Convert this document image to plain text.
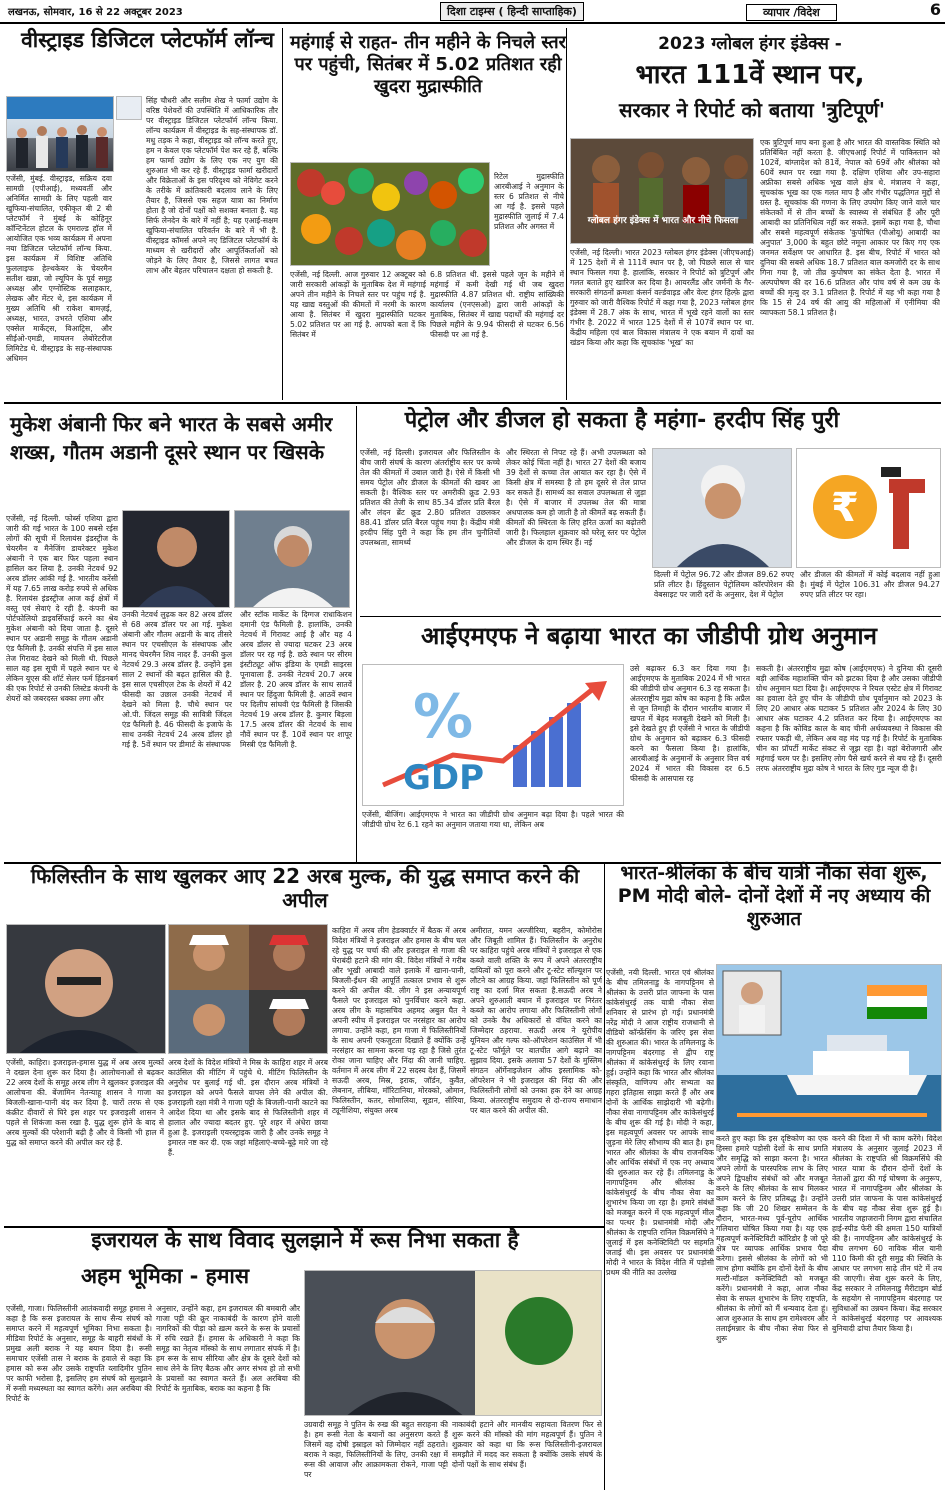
लखनऊ, सोमवार, 16 से 22 अक्टूबर 2023	दिशा टाइम्स ( हिन्दी साप्ताहिक)	व्यापार /विदेश	6
वीस्ट्राइड डिजिटल प्लेटफॉर्म लॉन्च
एजेंसी, मुंबई. वीस्ट्राइड, सक्रिय दवा सामग्री (एपीआई), मध्यवर्ती और अनिर्मित सामग्री के लिए पहली वार खुफिया-संचालित, एकीकृत बी 2 बी प्लेटफॉर्म ने मुंबई के कोहिनूर कॉन्टिनेंटल होटल के एमराल्ड हॉल में आयोजित एक भव्य कार्यक्रम में अपना नया डिजिटल प्लेटफॉर्म लॉन्च किया. इस कार्यक्रम में विशिष्ट अतिथि फुललाइफ हेल्थकेयर के चेयरमैन सतीश खन्ना, जो ल्यूपिन के पूर्व समूह अध्यक्ष और एग्नोस्टिक सलाहकार, लेखक और मेंटर थे, इस कार्यक्रम में मुख्य अतिथि श्री राकेश बामज़ई, अध्यक्ष, भारत, उभरते एशिया और एक्सेल मार्केट्स, विआट्रिस, और सीईओ-एमडी, मायलन लेबोरेटरीज लिमिटेड थे. वीस्ट्राइड के सह-संस्थापक अधिमन
सिंह चौधरी और सलीम शेख ने फार्मा उद्योग के वरिष्ठ पेशेवरों की उपस्थिति में आधिकारिक तौर पर वीस्ट्राइड डिजिटल प्लेटफॉर्म लॉन्च किया. लॉन्च कार्यक्रम में वीस्ट्राइड के सह-संस्थापक डॉ. मधु तड़क ने कहा, वीस्ट्राइड को लॉन्च करते हुए, हम न केवल एक प्लेटफॉर्म पेश कर रहे हैं, बल्कि हम फार्मा उद्योग के लिए एक नए युग की शुरुआत भी कर रहे हैं. वीस्ट्राइड फार्मा खरीदारों और विक्रेताओं के इस परिदृश्य को नेविगेट करने के तरीके में क्रांतिकारी बदलाव लाने के लिए तैयार है, जिससे एक सहज यात्रा का निर्माण होता है जो दोनों पक्षों को सशक्त बनाता है. यह सिर्फ लेनदेन के बारे में नहीं है; यह एआई-सक्षम खुफिया-संचालित परिवर्तन के बारे में भी है. वीस्ट्राइड कॉमर्स अपने नए डिजिटल प्लेटफॉर्म के माध्यम से खरीदारों और आपूर्तिकर्ताओं को जोड़ने के लिए तैयार है, जिससे लागत बचत लाभ और बेहतर परिचालन दक्षता हो सकती है.
महंगाई से राहत- तीन महीने के निचले स्तर पर पहुंची, सितंबर में 5.02 प्रतिशत रही खुदरा मुद्रास्फीति
रिटेल मुद्रास्फीति आरबीआई ने अनुमान के स्तर 6 प्रतिशत से नीचे आ गई है. इससे पहले मुद्रास्फीति जुलाई में 7.4 प्रतिशत और अगस्त में
एजेंसी, नई दिल्ली. आज गुरुवार 12 अक्टूबर को जारी सरकारी आंकड़ों के मुताबिक देश में महंगाई अपने तीन महीने के निचले स्तर पर पहुंच गई है. यह खाद्य वस्तुओं की कीमतों में नरमी के कारण आया है. सितंबर में खुदरा मुद्रास्फीति घटकर 5.02 प्रतिशत पर आ गई है. आपको बता दें कि सितंबर में
6.8 प्रतिशत थी. इससे पहले जून के महीने में महंगाई में कमी देखी गई थी जब खुदरा मुद्रास्फीति 4.87 प्रतिशत थी. राष्ट्रीय सांख्यिकी कार्यालय (एनएसओ) द्वारा जारी आंकड़ों के मुताबिक, सितंबर में खाद्य पदार्थों की महंगाई दर पिछले महीने के 9.94 फीसदी से घटकर 6.56 फीसदी पर आ गई है.
2023 ग्लोबल हंगर इंडेक्स -
भारत 111वें स्थान पर,
सरकार ने रिपोर्ट को बताया 'त्रुटिपूर्ण'
ग्लोबल हंगर इंडेक्स में भारत और नीचे फिसला
एजेंसी, नई दिल्ली। भारत 2023 ग्लोबल हंगर इंडेक्स (जीएचआई) में 125 देशों में से 111वें स्थान पर है, जो पिछले साल से चार स्थान फिसल गया है. हालांकि, सरकार ने रिपोर्ट को त्रुटिपूर्ण और गलत बताते हुए खारिज कर दिया है। आयरलैंड और जर्मनी के गैर-सरकारी संगठनों क्रमशः कंसर्न वर्ल्डवाइड और वेल्ट हंगर हिल्फ़े द्वारा गुरुवार को जारी वैश्विक रिपोर्ट में कहा गया है, 2023 ग्लोबल हंगर इंडेक्स में 28.7 अंक के साथ, भारत में भूखे रहने वालों का स्तर गंभीर है. 2022 में भारत 125 देशों में से 107वें स्थान पर था. केंद्रीय महिला एवं बाल विकास मंत्रालय ने एक बयान में दावों का खंडन किया और कहा कि सूचकांक 'भूख' का
एक त्रुटिपूर्ण माप बना हुआ है और भारत की वास्तविक स्थिति को प्रतिबिंबित नहीं करता है. जीएचआई रिपोर्ट में पाकिस्तान को 102वें, बांग्लादेश को 81वें, नेपाल को 69वें और श्रीलंका को 60वें स्थान पर रखा गया है. दक्षिण एशिया और उप-सहारा अफ्रीका सबसे अधिक भूख वाले क्षेत्र थे. मंत्रालय ने कहा, सूचकांक भूख का एक गलत माप है और गंभीर पद्धतिगत मुद्दों से ग्रस्त है. सूचकांक की गणना के लिए उपयोग किए जाने वाले चार संकेतकों में से तीन बच्चों के स्वास्थ्य से संबंधित हैं और पूरी आबादी का प्रतिनिधित्व नहीं कर सकते. इसमें कहा गया है, चौथा और सबसे महत्वपूर्ण संकेतक 'कुपोषित (पीओयू) आबादी का अनुपात' 3,000 के बहुत छोटे नमूना आकार पर किए गए एक जनमत सर्वेक्षण पर आधारित है. इस बीच, रिपोर्ट में भारत को दुनिया की सबसे अधिक 18.7 प्रतिशत बाल कमजोरी दर के साथ गिना गया है, जो तीव्र कुपोषण का संकेत देता है. भारत में अल्पपोषण की दर 16.6 प्रतिशत और पांच वर्ष से कम उम्र के बच्चों की मृत्यु दर 3.1 प्रतिशत है. रिपोर्ट में यह भी कहा गया है कि 15 से 24 वर्ष की आयु की महिलाओं में एनीमिया की व्यापकता 58.1 प्रतिशत है।
मुकेश अंबानी फिर बने भारत के सबसे अमीर शख्स, गौतम अडानी दूसरे स्थान पर खिसके
एजेंसी, नई दिल्ली. फोर्ब्स एशिया द्वारा जारी की गई भारत के 100 सबसे रईस लोगों की सूची में रिलायंस इंडस्ट्रीज के चेयरमैन व मैनेजिंग डायरेक्टर मुकेश अंबानी ने एक बार फिर पहला स्थान हासिल कर लिया है. उनकी नेटवर्थ 92 अरब डॉलर आंकी गई है. भारतीय करेंसी में यह 7.65 लाख करोड़ रुपये से अधिक है. रिलायंस इंडस्ट्रीज आज कई क्षेत्रों में वस्तु एवं सेवाएं दे रही है. कंपनी का पोर्टफोलियो डाइवर्सिफाई करने का श्रेय मुकेश अंबानी को दिया जाता है. दूसरे स्थान पर अडानी समूह के गौतम अडानी एंड फैमिली है. उनकी संपत्ति में इस साल तेज गिरावट देखने को मिली थी. पिछले साल वह इस सूची में पहले स्थान पर थे लेकिन यूएस की शॉर्ट सेलर फर्म हिंडनबर्ग की एक रिपोर्ट से उनकी लिस्टेड कंपनी के शेयरों को जबरदस्त धक्का लगा और
उनकी नेटवर्थ लुढ़क कर 82 अरब डॉलर से 68 अरब डॉलर पर आ गई. मुकेश अंबानी और गौतम अडानी के बाद तीसरे स्थान पर एचसीएल के संस्थापक और मानद चेयरमैन शिव नादर हैं. उनकी कुल नेटवर्थ 29.3 अरब डॉलर है. उन्होंने इस साल 2 स्थानों की बढ़त हासिल की है. इस साल एचसीएल टेक के शेयरों में 42 फीसदी का उछाल उनकी नेटवर्थ में देखने को मिला है. चौथे स्थान पर ओ.पी. जिंदल समूह की सावित्री जिंदल एंड फैमिली है. 46 फीसदी के इजाफे के साथ उनकी नेटवर्थ 24 अरब डॉलर हो गई है. 5वें स्थान पर डीमार्ट के संस्थापक
और स्टॉक मार्केट के दिग्गज राधाकिशन दमानी एंड फैमिली है. हालांकि, उनकी नेटवर्थ में गिरावट आई है और यह 4 अरब डॉलर से ज्यादा घटकर 23 अरब डॉलर पर रह गई है. छठे स्थान पर सीरम इंस्टीट्यूट ऑफ इंडिया के एमडी साइरस पूनावाला हैं. उनकी नेटवर्थ 20.7 अरब डॉलर है. 20 अरब डॉलर के साथ सातवें स्थान पर हिंदुजा फैमिली है. आठवें स्थान पर दिलीप सांघवी एंड फैमिली है जिसकी नेटवर्थ 19 अरब डॉलर है. कुमार बिड़ला 17.5 अरब डॉलर की नेटवर्थ के साथ नौवें स्थान पर हैं. 10वें स्थान पर शापूर मिस्त्री एंड फैमिली है.
पेट्रोल और डीजल हो सकता है महंगा- हरदीप सिंह पुरी
एजेंसी, नई दिल्ली। इजरायल और फिलिस्तीन के बीच जारी संघर्ष के कारण अंतर्राष्ट्रीय स्तर पर कच्चे तेल की कीमतों में उबाल जारी है। ऐसे में किसी भी समय पेट्रोल और डीजल के कीमतों की खबर आ सकती है। वैश्विक स्तर पर अमरीकी क्रूड 2.93 प्रतिशत की तेजी के साथ 85.34 डॉलर प्रति बैरल और लंदन ब्रेंट क्रूड 2.80 प्रतिशत उछलकर 88.41 डॉलर प्रति बैरल पहुंच गया है। केंद्रीय मंत्री हरदीप सिंह पुरी ने कहा कि हम तीन चुनौतियों उपलब्धता, सामर्थ्य
और स्थिरता से निपट रहे हैं। अभी उपलब्धता को लेकर कोई चिंता नहीं है। भारत 27 देशों की बजाय 39 देशों से कच्चा तेल आयात कर रहा है। ऐसे में किसी क्षेत्र में समस्या है तो हम दूसरे से तेल प्राप्त कर सकते हैं। सामर्थ्य का सवाल उपलब्धता से जुड़ा है। ऐसे में बाजार में उपलब्ध तेल की मात्रा अधपालक कम हो जाती है तो कीमतें बढ़ सकती हैं। कीमतों की स्थिरता के लिए हरित ऊर्जा का बढ़ोतरी जारी है। फिलहाल शुक्रवार को घरेलू स्तर पर पेट्रोल और डीजल के दाम स्थिर हैं। नई
₹
दिल्ली में पेट्रोल 96.72 और डीजल 89.62 रुपए प्रति लीटर है। हिंदुस्तान पेट्रोलियम कॉरपोरेशन की वेबसाइट पर जारी दरों के अनुसार, देश में पेट्रोल
और डीजल की कीमतों में कोई बदलाव नहीं हुआ है। मुंबई में पेट्रोल 106.31 और डीजल 94.27 रुपए प्रति लीटर पर रहा।
आईएमएफ ने बढ़ाया भारत का जीडीपी ग्रोथ अनुमान
%
GDP
एजेंसी, बीजिंग। आईएमएफ ने भारत का जीडीपी ग्रोथ अनुमान बढ़ा दिया है। पहले भारत की जीडीपी ग्रोथ रेट 6.1 रहने का अनुमान जताया गया था, लेकिन अब
उसे बढ़ाकर 6.3 कर दिया गया है। आईएमएफ के मुताबिक 2024 में भी भारत की जीडीपी ग्रोथ अनुमान 6.3 रह सकता है। अंतरराष्ट्रीय मुद्रा कोष का कहना है कि अप्रैल से जून तिमाही के दौरान भारतीय बाजार में खपत में बेहद मजबूती देखने को मिली है। इसे देखते हुए ही एजेंसी ने भारत के जीडीपी ग्रोथ के अनुमान को बढ़ाकर 6.3 फीसदी करने का फैसला किया है। हालांकि, आरबीआई के अनुमानों के अनुसार वित्त वर्ष 2024 में भारत की विकास दर 6.5 फीसदी के आसपास रह
सकती है। अंतरराष्ट्रीय मुद्रा कोष (आईएमएफ) ने दुनिया की दूसरी बड़ी आर्थिक महाशक्ति चीन को झटका दिया है और उसका जीडीपी ग्रोथ अनुमान घटा दिया है। आईएमएफ ने रियल एस्टेट क्षेत्र में गिरावट का हवाला देते हुए चीन के जीडीपी ग्रोथ पूर्वानुमान को 2023 के लिए 20 आधार अंक घटाकर 5 प्रतिशत और 2024 के लिए 30 आधार अंक घटाकर 4.2 प्रतिशत कर दिया है। आईएमएफ का कहना है कि कोविड काल के बाद चीनी अर्थव्यवस्था ने विकास की रफ्तार पकड़ी थी, लेकिन अब वह मंद पड़ गई है। रिपोर्ट के मुताबिक चीन का प्रॉपर्टी मार्केट संकट से जूझ रहा है। वहां बेरोजगारी और महंगाई चरम पर है। इसलिए लोग पैसे खर्च करने से बच रहे हैं। दूसरी तरफ अंतरराष्ट्रीय मुद्रा कोष ने भारत के लिए गुड न्यूज दी है।
फिलिस्तीन के साथ खुलकर आए 22 अरब मुल्क, की युद्ध समाप्त करने की अपील
एजेंसी, काहिरा। इजराइल-हमास युद्ध में अब अरब मुल्कों ने दखल देना शुरू कर दिया है। आलोचनाओं से बढ़कर 22 अरब देशों के समूह अरब लीग ने खुलकर इजराइल की आलोचना की. बेंजामिन नेतन्याहू शासन ने गाजा का बिजली-खाना-पानी बंद कर दिया है. चारों तरफ से एक कंक्रीट दीवारों से घिरे इस शहर पर इजराइली शासन ने पहले से शिकंजा कस रखा है. युद्ध शुरू होने के बाद से अरब मुल्कों की परेशानी बढ़ी है और वे किसी भी हाल में युद्ध को समाप्त करने की अपील कर रहे हैं.
अरब देशों के विदेश मंत्रियों ने मिस्र के काहिरा शहर में अरब काउंसिल की मीटिंग में पहुंचे थे. मीटिंग फिलिस्तीन के अनुरोध पर बुलाई गई थी. इस दौरान अरब मंत्रियों ने इजराइल को अपने फैसले वापस लेने की अपील की. इजराइली रक्षा मंत्री ने गाजा पट्टी के बिजली-पानी काटने का आदेश दिया था और इसके बाद से फिलिस्तीनी शहर में हालात और ज्यादा बदतर हुए. पूरे शहर में अंधेरा छाया हुआ है. इजराइली एयरस्ट्राइक जारी है और उनके समूह ने इमारत नष्ट कर दी. एक जहां महिलाएं-बच्चे-बूढ़े मारे जा रहे हैं.
काहिरा में अरब लीग हेडक्वार्टर में बैठक में अरब विदेश मंत्रियों ने इजराइल और हमास के बीच चल रहे युद्ध पर चर्चा की और इजराइल से गाजा की घेराबंदी हटाने की मांग की. विदेश मंत्रियों ने गरीब और भूखी आबादी वाले इलाके में खाना-पानी, बिजली-ईंधन की आपूर्ति तत्काल प्रभाव से शुरू करने की अपील की. लीग ने इस अन्यायपूर्ण फैसले पर इजराइल को पुनर्विचार करने कहा. अरब लीग के महासचिव अहमद अबुल घैत ने अपनी स्पीच में इजराइल पर नरसंहार का आरोप लगाया. उन्होंने कहा, हम गाजा में फिलिस्तीनियों के साथ अपनी एकजुटता दिखाते हैं क्योंकि उन्हें नरसंहार का सामना करना पड़ रहा है जिसे तुरंत रोका जाना चाहिए और निंदा की जानी चाहिए. वर्तमान में अरब लीग में 22 सदस्य देश हैं, जिसमें सऊदी अरब, मिस्र, इराक, जॉर्डन, कुवैत, लेबनान, लीबिया, मॉरिटानिया, मोरक्को, ओमान, फिलिस्तीन, कतर, सोमालिया, सूडान, सीरिया, ट्यूनीशिया, संयुक्त अरब
अमीरात, यमन अल्जीरिया, बहरीन, कोमोरोस और जिबूती शामिल हैं। फिलिस्तीन के अनुरोध पर काहिरा पहुंचे अरब मंत्रियों ने इजराइल से एक कब्जे वाली शक्ति के रूप में अपने अंतरराष्ट्रीय दायित्वों को पूरा करने और टू-स्टेट सॉल्यूशन पर लौटने का आग्रह किया. जहां फिलिस्तीन को पूर्ण राष्ट्र का दर्जा मिल सकता है.सऊदी अरब ने अपने शुरुआती बयान में इजराइल पर निरंतर कब्जे का आरोप लगाया और फिलिस्तीनी लोगों को उनके वैध अधिकारों से वंचित करने का जिम्मेदार ठहराया. सऊदी अरब ने यूरोपीय यूनियन और गल्फ को-ऑपरेशन काउंसिल में भी टू-स्टेट फॉर्मूले पर बातचीत आगे बढ़ाने का सुझाव दिया. इसके अलावा 57 देशों के मुस्लिम संगठन ऑर्गेनाइजेशन ऑफ इस्लामिक को-ऑपरेशन ने भी इजराइल की निंदा की और फिलिस्तीनी लोगों को उनका हक देने का आग्रह किया. अंतरराष्ट्रीय समुदाय से दो-राज्य समाधान पर बात करने की अपील की.
भारत-श्रीलंका के बीच यात्री नौका सेवा शुरू, PM मोदी बोले- दोनों देशों में नए अध्याय की शुरुआत
एजेंसी, नयी दिल्ली. भारत एवं श्रीलंका के बीच तमिलनाडु के नागपट्टिनम से श्रीलंका के उत्तरी प्रांत जाफना के पास कांकेसंथुरई तक यात्री नौका सेवा शनिवार से प्रारंभ हो गई। प्रधानमंत्री नरेंद्र मोदी ने आज राष्ट्रीय राजधानी से वीडियो कॉन्फ्रेंसिंग के जरिए इस सेवा की शुरुआत की। भारत के तमिलनाडु के नागपट्टिनम बंदरगाह से द्वीप राष्ट्र श्रीलंका में कांकेसंथुरई के लिए रवाना हुई। उन्होंने कहा कि भारत और श्रीलंका संस्कृति, वाणिज्य और सभ्यता का गहरा इतिहास साझा करते हैं और अब दोनों के आर्थिक साझेदारी भी बढ़ेगी। नौका सेवा नागापट्टिनम और कांकेसंथुरई के बीच शुरू की गई है। मोदी ने कहा, इस महत्वपूर्ण अवसर पर आपके साथ जुड़ना मेरे लिए सौभाग्य की बात है। हम भारत और श्रीलंका के बीच राजनयिक और आर्थिक संबंधों में एक नए अध्याय की शुरुआत कर रहे हैं। तमिलनाडु के नागापट्टिनम और श्रीलंका के कांकेसंथुरई के बीच नौका सेवा का शुभारंभ किया जा रहा है। हमारे संबंधों को मजबूत करने में एक महत्वपूर्ण मील का पत्थर है। प्रधानमंत्री मोदी और श्रीलंका के राष्ट्रपति रानिल विक्रमसिंघे ने जुलाई में इस कनेक्टिविटी पर सहमति जताई थी। इस अवसर पर प्रधानमंत्री मोदी ने भारत के विदेश नीति में पड़ोसी प्रथम की नीति का उल्लेख
करते हुए कहा कि इस दृष्टिकोण का एक हिस्सा हमारे पड़ोसी देशों के साथ प्रगति और समृद्धि को साझा करना है। भारत अपने लोगों के पारस्परिक लाभ के लिए अपने द्विपक्षीय संबंधों को और मजबूत करने के लिए श्रीलंका के साथ मिलकर काम करने के लिए प्रतिबद्ध है। उन्होंने कहा कि जी 20 शिखर सम्मेलन के दौरान, भारत-मध्य पूर्व-यूरोप आर्थिक गलियारा घोषित किया गया है। यह एक महत्वपूर्ण कनेक्टिविटी कॉरिडोर है जो पूरे क्षेत्र पर व्यापक आर्थिक प्रभाव पैदा करेगा। इससे श्रीलंका के लोगों को भी लाभ होगा क्योंकि हम दोनों देशों के बीच मल्टी-मॉडल कनेक्टिविटी को मजबूत करेंगे। प्रधानमंत्री ने कहा, आज नौका सेवा के सफल शुभारंभ के लिए राष्ट्रपति, श्रीलंका के लोगों को मैं धन्यवाद देता हूं। आज शुरुआत के साथ हम रामेश्वरम और तलाईमन्नार के बीच नौका सेवा फिर से शुरू
करने की दिशा में भी काम करेंगे। विदेश मंत्रालय के अनुसार जुलाई 2023 में श्रीलंका के राष्ट्रपति श्री विक्रमसिंघे की भारत यात्रा के दौरान दोनों देशों के नेताओं द्वारा की गई घोषणा के अनुरूप, भारत में नागापट्टिनम और श्रीलंका के उत्तरी प्रांत जाफना के पास कांकेसंथुरई के बीच यह नौका सेवा शुरू हुई है। भारतीय जहाजरानी निगम द्वारा संचालित हाई-स्पीड फेरी की क्षमता 150 यात्रियों की है। नागपट्टिनम और कांकेसंथुरई के बीच लगभग 60 नाविक मील यानी 110 किमी की दूरी समुद्र की स्थिति के आधार पर लगभग साढ़े तीन घंटे में तय की जाएगी। सेवा शुरू करने के लिए, केंद्र सरकार ने तमिलनाडु मैरीटाइम बोर्ड के सहयोग से नागापट्टिनम बंदरगाह पर सुविधाओं का उन्नयन किया। केंद्र सरकार ने कांकेसंथुरई बंदरगाह पर आवश्यक बुनियादी ढांचा तैयार किया है।
इजरायल के साथ विवाद सुलझाने में रूस निभा सकता है
अहम भूमिका - हमास
एजेंसी, गाजा। फिलिस्तीनी आतंकवादी समूह हमास ने कहा है कि रूस इजरायल के साथ सैन्य संघर्ष को समाप्त करने में महत्वपूर्ण भूमिका निभा सकता है। मीडिया रिपोर्ट के अनुसार, समूह के बाहरी संबंधों के प्रमुख अली बराक ने यह बयान दिया है। रूसी समाचार एजेंसी तास ने बराक के हवाले से कहा कि हमास को रूस और उसके राष्ट्रपति व्लादिमीर पुतिन पर काफी भरोसा है, इसलिए हम संघर्ष को सुलझाने में रूसी मध्यस्थता का स्वागत करेंगे। अल अरबिया की रिपोर्ट के
अनुसार, उन्होंने कहा, हम इजरायल की बमबारी और गाजा पट्टी की क्रूर नाकाबंदी के कारण होने वाली नागरिकों की पीड़ा को ख़त्म करने के रूस के प्रयासों में रुचि रखते हैं। हमास के अधिकारी ने कहा कि समूह का नेतृत्व मॉस्को के साथ लगातार संपर्क में है। हम रूस के साथ सीरिया और क्षेत्र के दूसरे देशों को साथ लेने के लिए बैठक और अगर संभव हो तो सभी के प्रयासों का स्वागत करते हैं। अल अरबिया की रिपोर्ट के मुताबिक, बराक का कहना है कि
उग्रवादी समूह ने पुतिन के रुख की बहुत सराहना की है। हम रूसी नेता के बयानों का अनुसरण करते हैं जिसमें वह दोषी इस्राइल को जिम्मेदार नहीं ठहराते। बराक ने कहा, फिलिस्तीनियों के लिए, उनकी रक्षा में रूस की आवाज और आक्रामकता रोकने, गाजा पट्टी पर
नाकाबंदी हटाने और मानवीय सहायता वितरण फिर से शुरू करने की मॉस्को की मांग महत्वपूर्ण हैं। पुतिन ने शुक्रवार को कहा था कि रूस फिलिस्तीनी-इजरायल समझौते में मदद कर सकता है क्योंकि उसके संघर्ष के दोनों पक्षों के साथ संबंध हैं।
